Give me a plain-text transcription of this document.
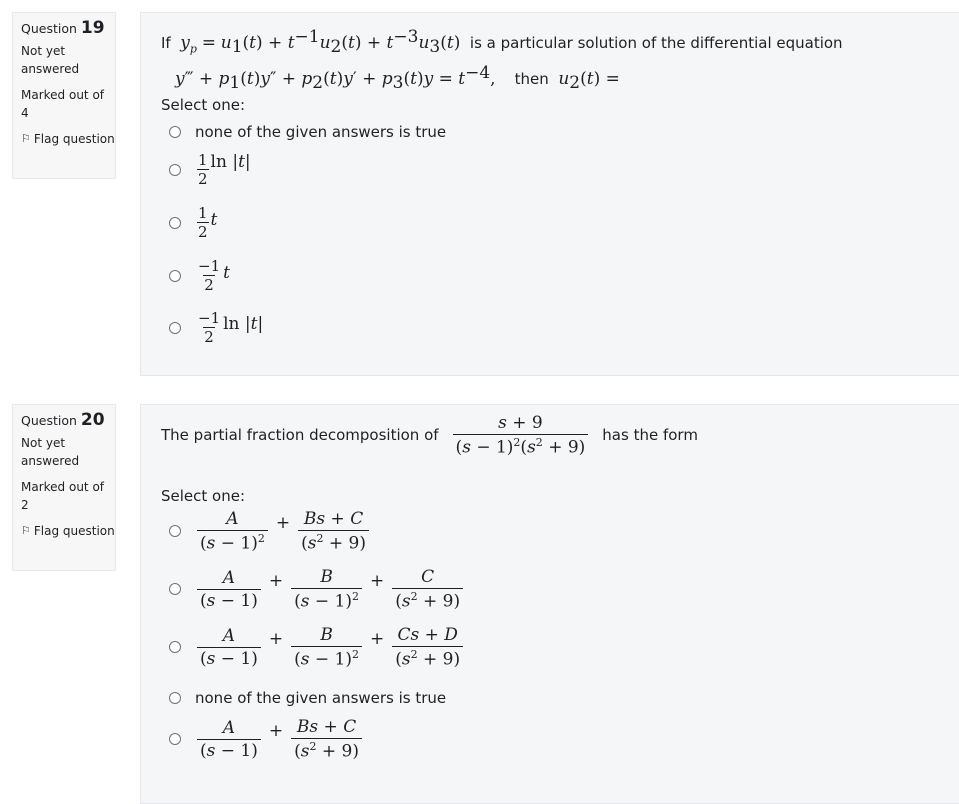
Question 19
Not yet answered
Marked out of 4
⚐ Flag question
If $y_p = u_1(t) + t^{-1}u_2(t) + t^{-3}u_3(t)$ is a particular solution of the differential equation
y‴ + $p_1(t)y'' + p_2(t)y' + p_3(t)y = t^{-4}$, then $u_2(t)$ =
Select one:
none of the given answers is true
$\frac{1}{2}$ ln |t|
$\frac{1}{2}$ t
$\frac{-1}{2}$ t
$\frac{-1}{2}$ ln |t|
Question 20
Not yet answered
Marked out of 2
⚐ Flag question
The partial fraction decomposition of $\frac{s + 9}{(s - 1)^2(s^2 + 9)}$ has the form
Select one:
$\frac{A}{(s - 1)^2} + \frac{Bs + C}{(s^2 + 9)}$
$\frac{A}{(s - 1)} + \frac{B}{(s - 1)^2} + \frac{C}{(s^2 + 9)}$
$\frac{A}{(s - 1)} + \frac{B}{(s - 1)^2} + \frac{Cs + D}{(s^2 + 9)}$
none of the given answers is true
$\frac{A}{(s - 1)} + \frac{Bs + C}{(s^2 + 9)}$
